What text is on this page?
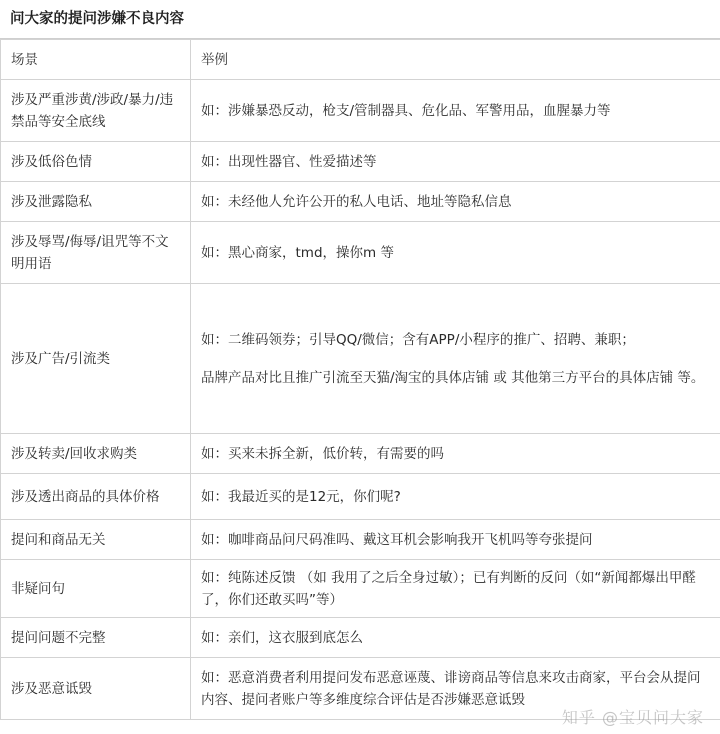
问大家的提问涉嫌不良内容
场景	举例
涉及严重涉黄/涉政/暴力/违禁品等安全底线	如：涉嫌暴恐反动，枪支/管制器具、危化品、军警用品，血腥暴力等

涉及低俗色情	如：出现性器官、性爱描述等

涉及泄露隐私	如：未经他人允许公开的私人电话、地址等隐私信息

涉及辱骂/侮辱/诅咒等不文明用语	如：黑心商家，tmd，操你m 等

涉及广告/引流类	如：二维码领券；引导QQ/微信；含有APP/小程序的推广、招聘、兼职；
品牌产品对比且推广引流至天猫/淘宝的具体店铺 或 其他第三方平台的具体店铺 等。

涉及转卖/回收求购类	如：买来未拆全新，低价转，有需要的吗

涉及透出商品的具体价格	如：我最近买的是12元，你们呢?

提问和商品无关	如：咖啡商品问尺码准吗、戴这耳机会影响我开飞机吗等夸张提问

非疑问句	如：纯陈述反馈 （如 我用了之后全身过敏）；已有判断的反问（如“新闻都爆出甲醛了，你们还敢买吗”等）

提问问题不完整	如：亲们，这衣服到底怎么

涉及恶意诋毁	如：恶意消费者利用提问发布恶意诬蔑、诽谤商品等信息来攻击商家，平台会从提问内容、提问者账户等多维度综合评估是否涉嫌恶意诋毁
知乎 @宝贝问大家
